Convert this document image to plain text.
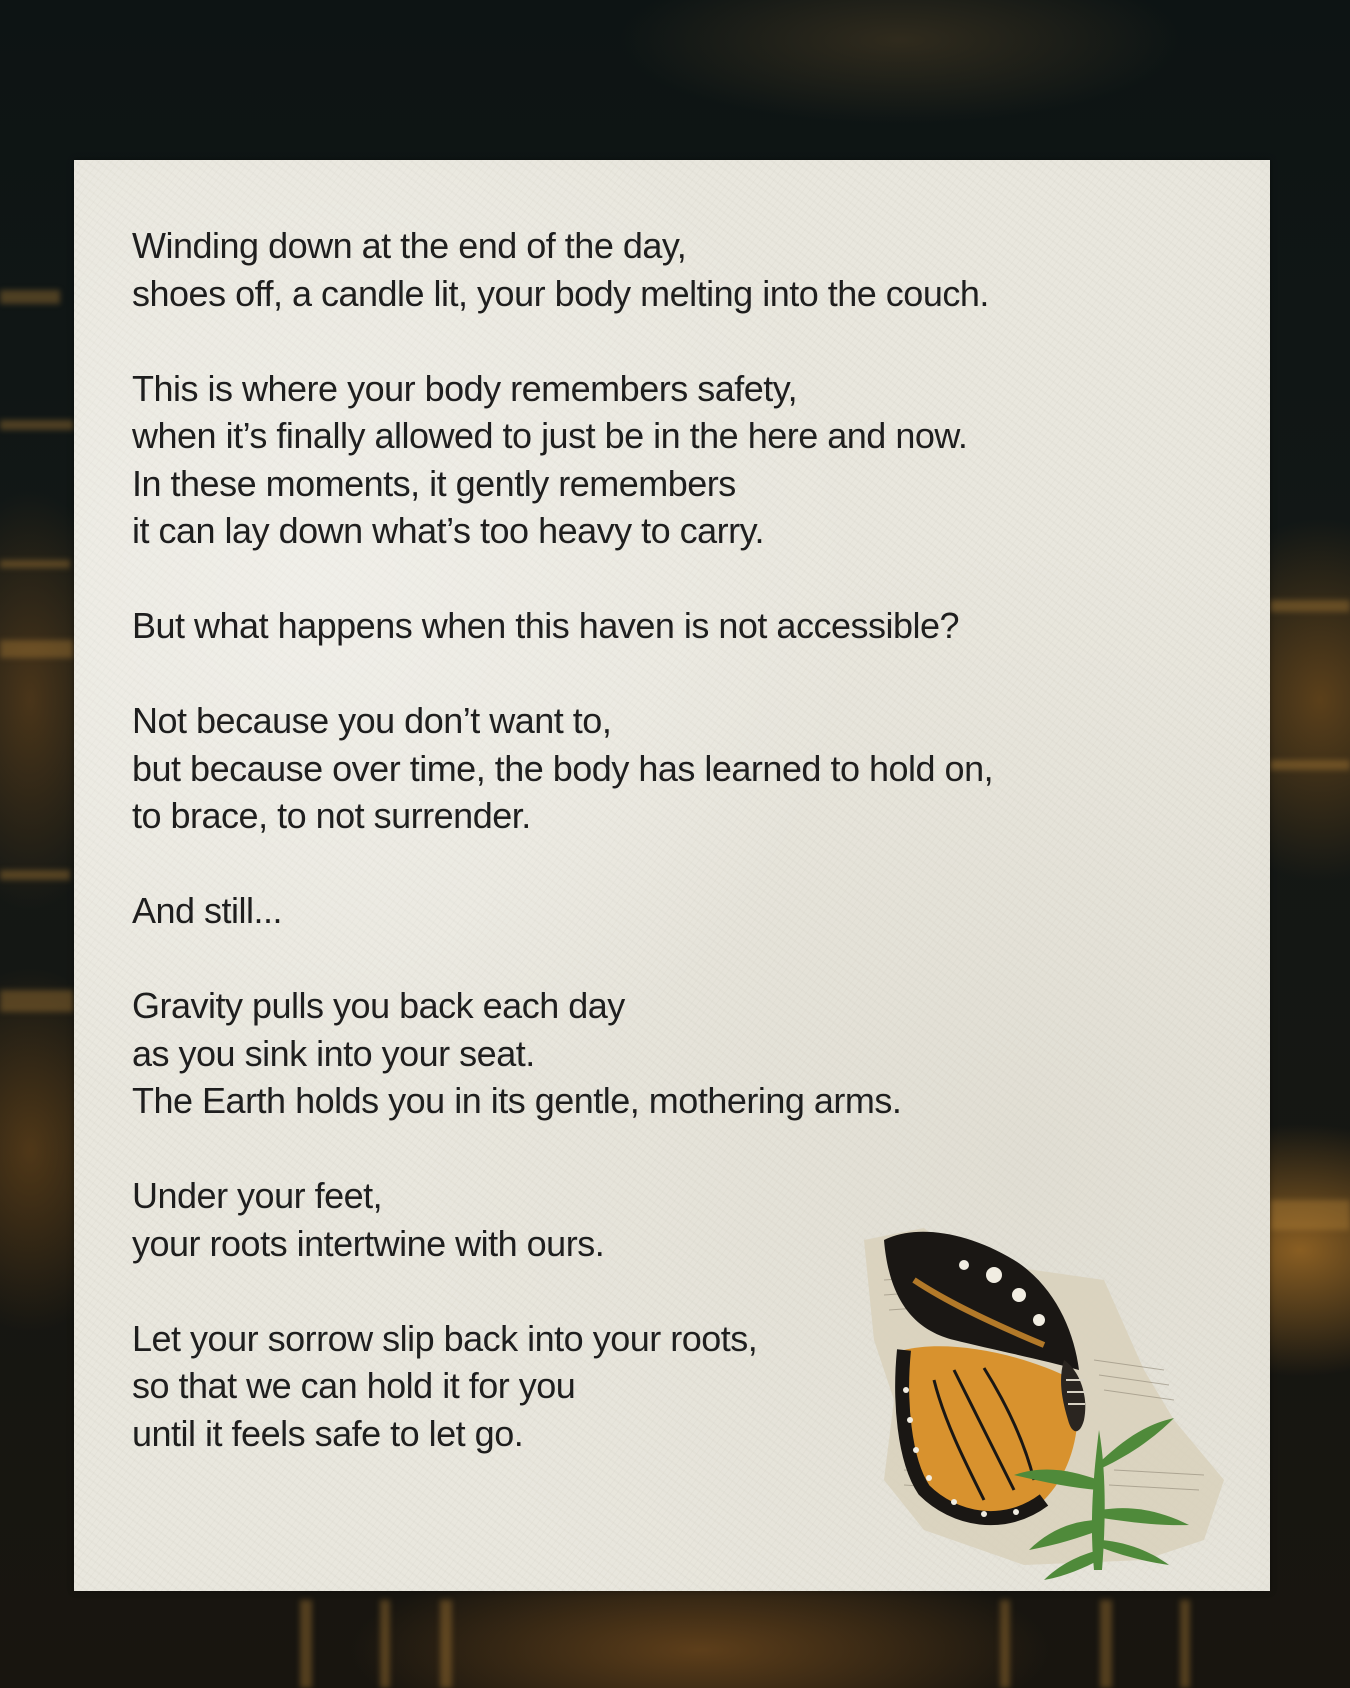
Winding down at the end of the day,
shoes off, a candle lit, your body melting into the couch.
This is where your body remembers safety,
when it’s finally allowed to just be in the here and now.
In these moments, it gently remembers
it can lay down what’s too heavy to carry.
But what happens when this haven is not accessible?
Not because you don’t want to,
but because over time, the body has learned to hold on,
to brace, to not surrender.
And still...
Gravity pulls you back each day
as you sink into your seat.
The Earth holds you in its gentle, mothering arms.
Under your feet,
your roots intertwine with ours.
Let your sorrow slip back into your roots,
so that we can hold it for you
until it feels safe to let go.
